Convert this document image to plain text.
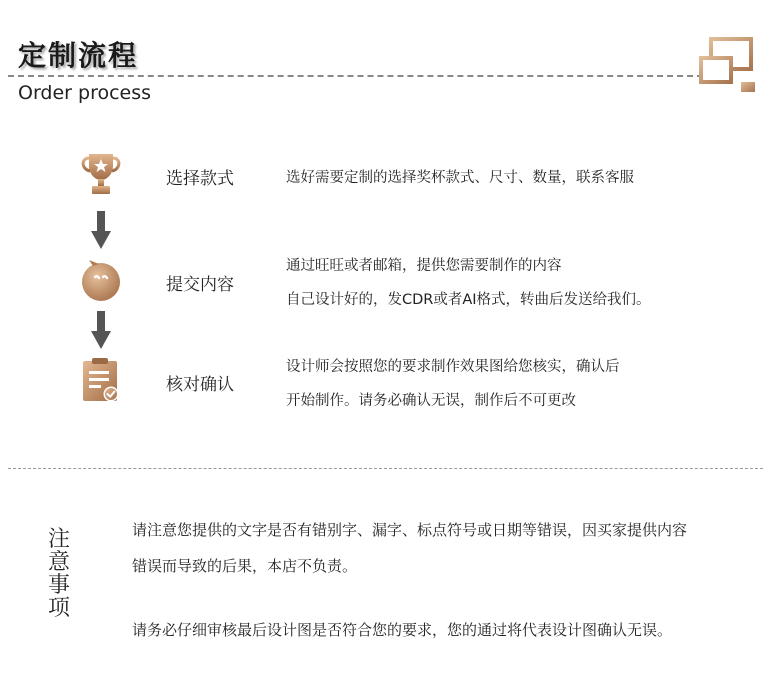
定制流程
Order process
选择款式	选好需要定制的选择奖杯款式、尺寸、数量，联系客服
提交内容
通过旺旺或者邮箱，提供您需要制作的内容
自己设计好的，发CDR或者AI格式，转曲后发送给我们。
核对确认
设计师会按照您的要求制作效果图给您核实，确认后
开始制作。请务必确认无误，制作后不可更改
注
意
事
项
请注意您提供的文字是否有错别字、漏字、标点符号或日期等错误，因买家提供内容
错误而导致的后果，本店不负责。
请务必仔细审核最后设计图是否符合您的要求，您的通过将代表设计图确认无误。
